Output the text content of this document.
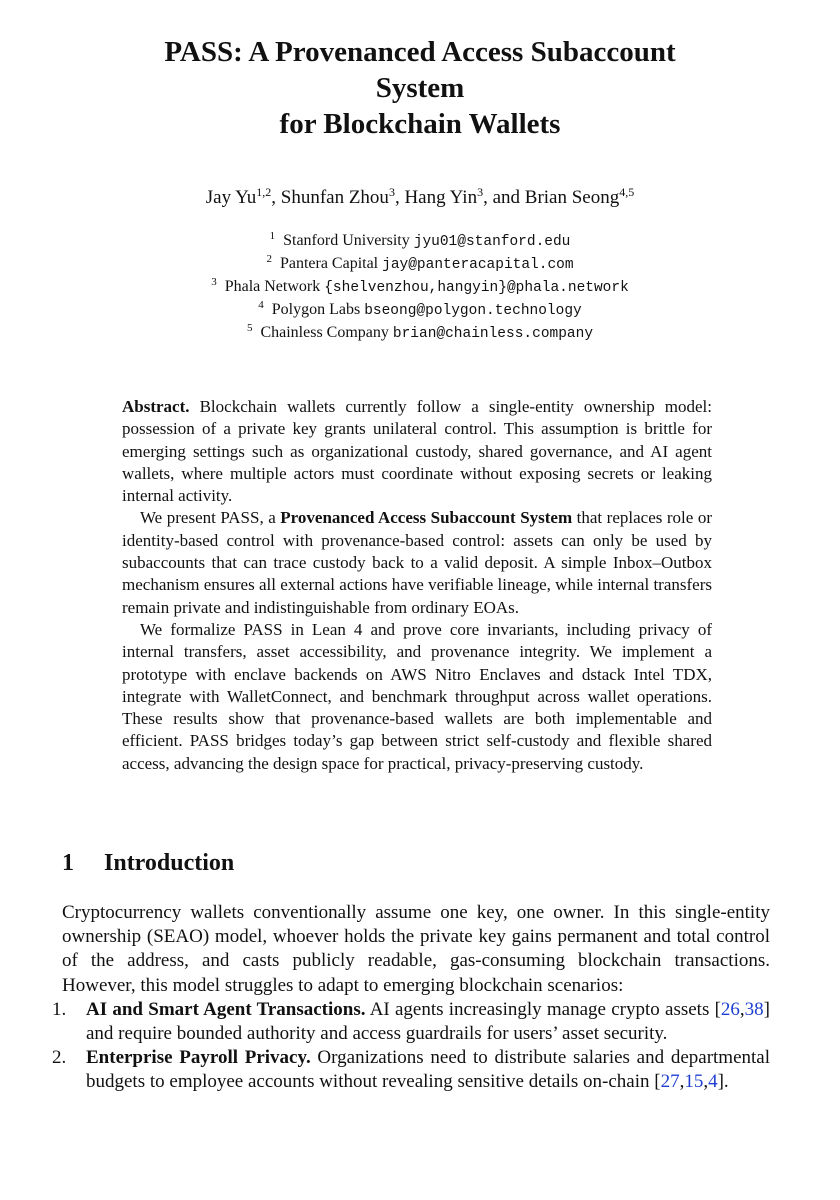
PASS: A Provenanced Access Subaccount
System
for Blockchain Wallets
Jay Yu$^{1,2}$, Shunfan Zhou$^3$, Hang Yin$^3$, and Brian Seong$^{4,5}$
$^1$ Stanford University jyu01@stanford.edu
$^2$ Pantera Capital jay@panteracapital.com
$^3$ Phala Network {shelvenzhou,hangyin}@phala.network
$^4$ Polygon Labs bseong@polygon.technology
$^5$ Chainless Company brian@chainless.company

Abstract. Blockchain wallets currently follow a single-entity ownership model: possession of a private key grants unilateral control. This assumption is brittle for emerging settings such as organizational custody, shared governance, and AI agent wallets, where multiple actors must coordinate without exposing secrets or leaking internal activity.

We present PASS, a Provenanced Access Subaccount System that replaces role or identity-based control with provenance-based control: assets can only be used by subaccounts that can trace custody back to a valid deposit. A simple Inbox–Outbox mechanism ensures all external actions have verifiable lineage, while internal transfers remain private and indistinguishable from ordinary EOAs.

We formalize PASS in Lean 4 and prove core invariants, including privacy of internal transfers, asset accessibility, and provenance integrity. We implement a prototype with enclave backends on AWS Nitro Enclaves and dstack Intel TDX, integrate with WalletConnect, and benchmark throughput across wallet operations. These results show that provenance-based wallets are both implementable and efficient. PASS bridges today’s gap between strict self-custody and flexible shared access, advancing the design space for practical, privacy-preserving custody.

1 Introduction

Cryptocurrency wallets conventionally assume one key, one owner. In this single-entity ownership (SEAO) model, whoever holds the private key gains permanent and total control of the address, and casts publicly readable, gas-consuming blockchain transactions. However, this model struggles to adapt to emerging blockchain scenarios:

1. AI and Smart Agent Transactions. AI agents increasingly manage crypto assets [26,38] and require bounded authority and access guardrails for users’ asset security.
2. Enterprise Payroll Privacy. Organizations need to distribute salaries and departmental budgets to employee accounts without revealing sensitive details on-chain [27,15,4].
